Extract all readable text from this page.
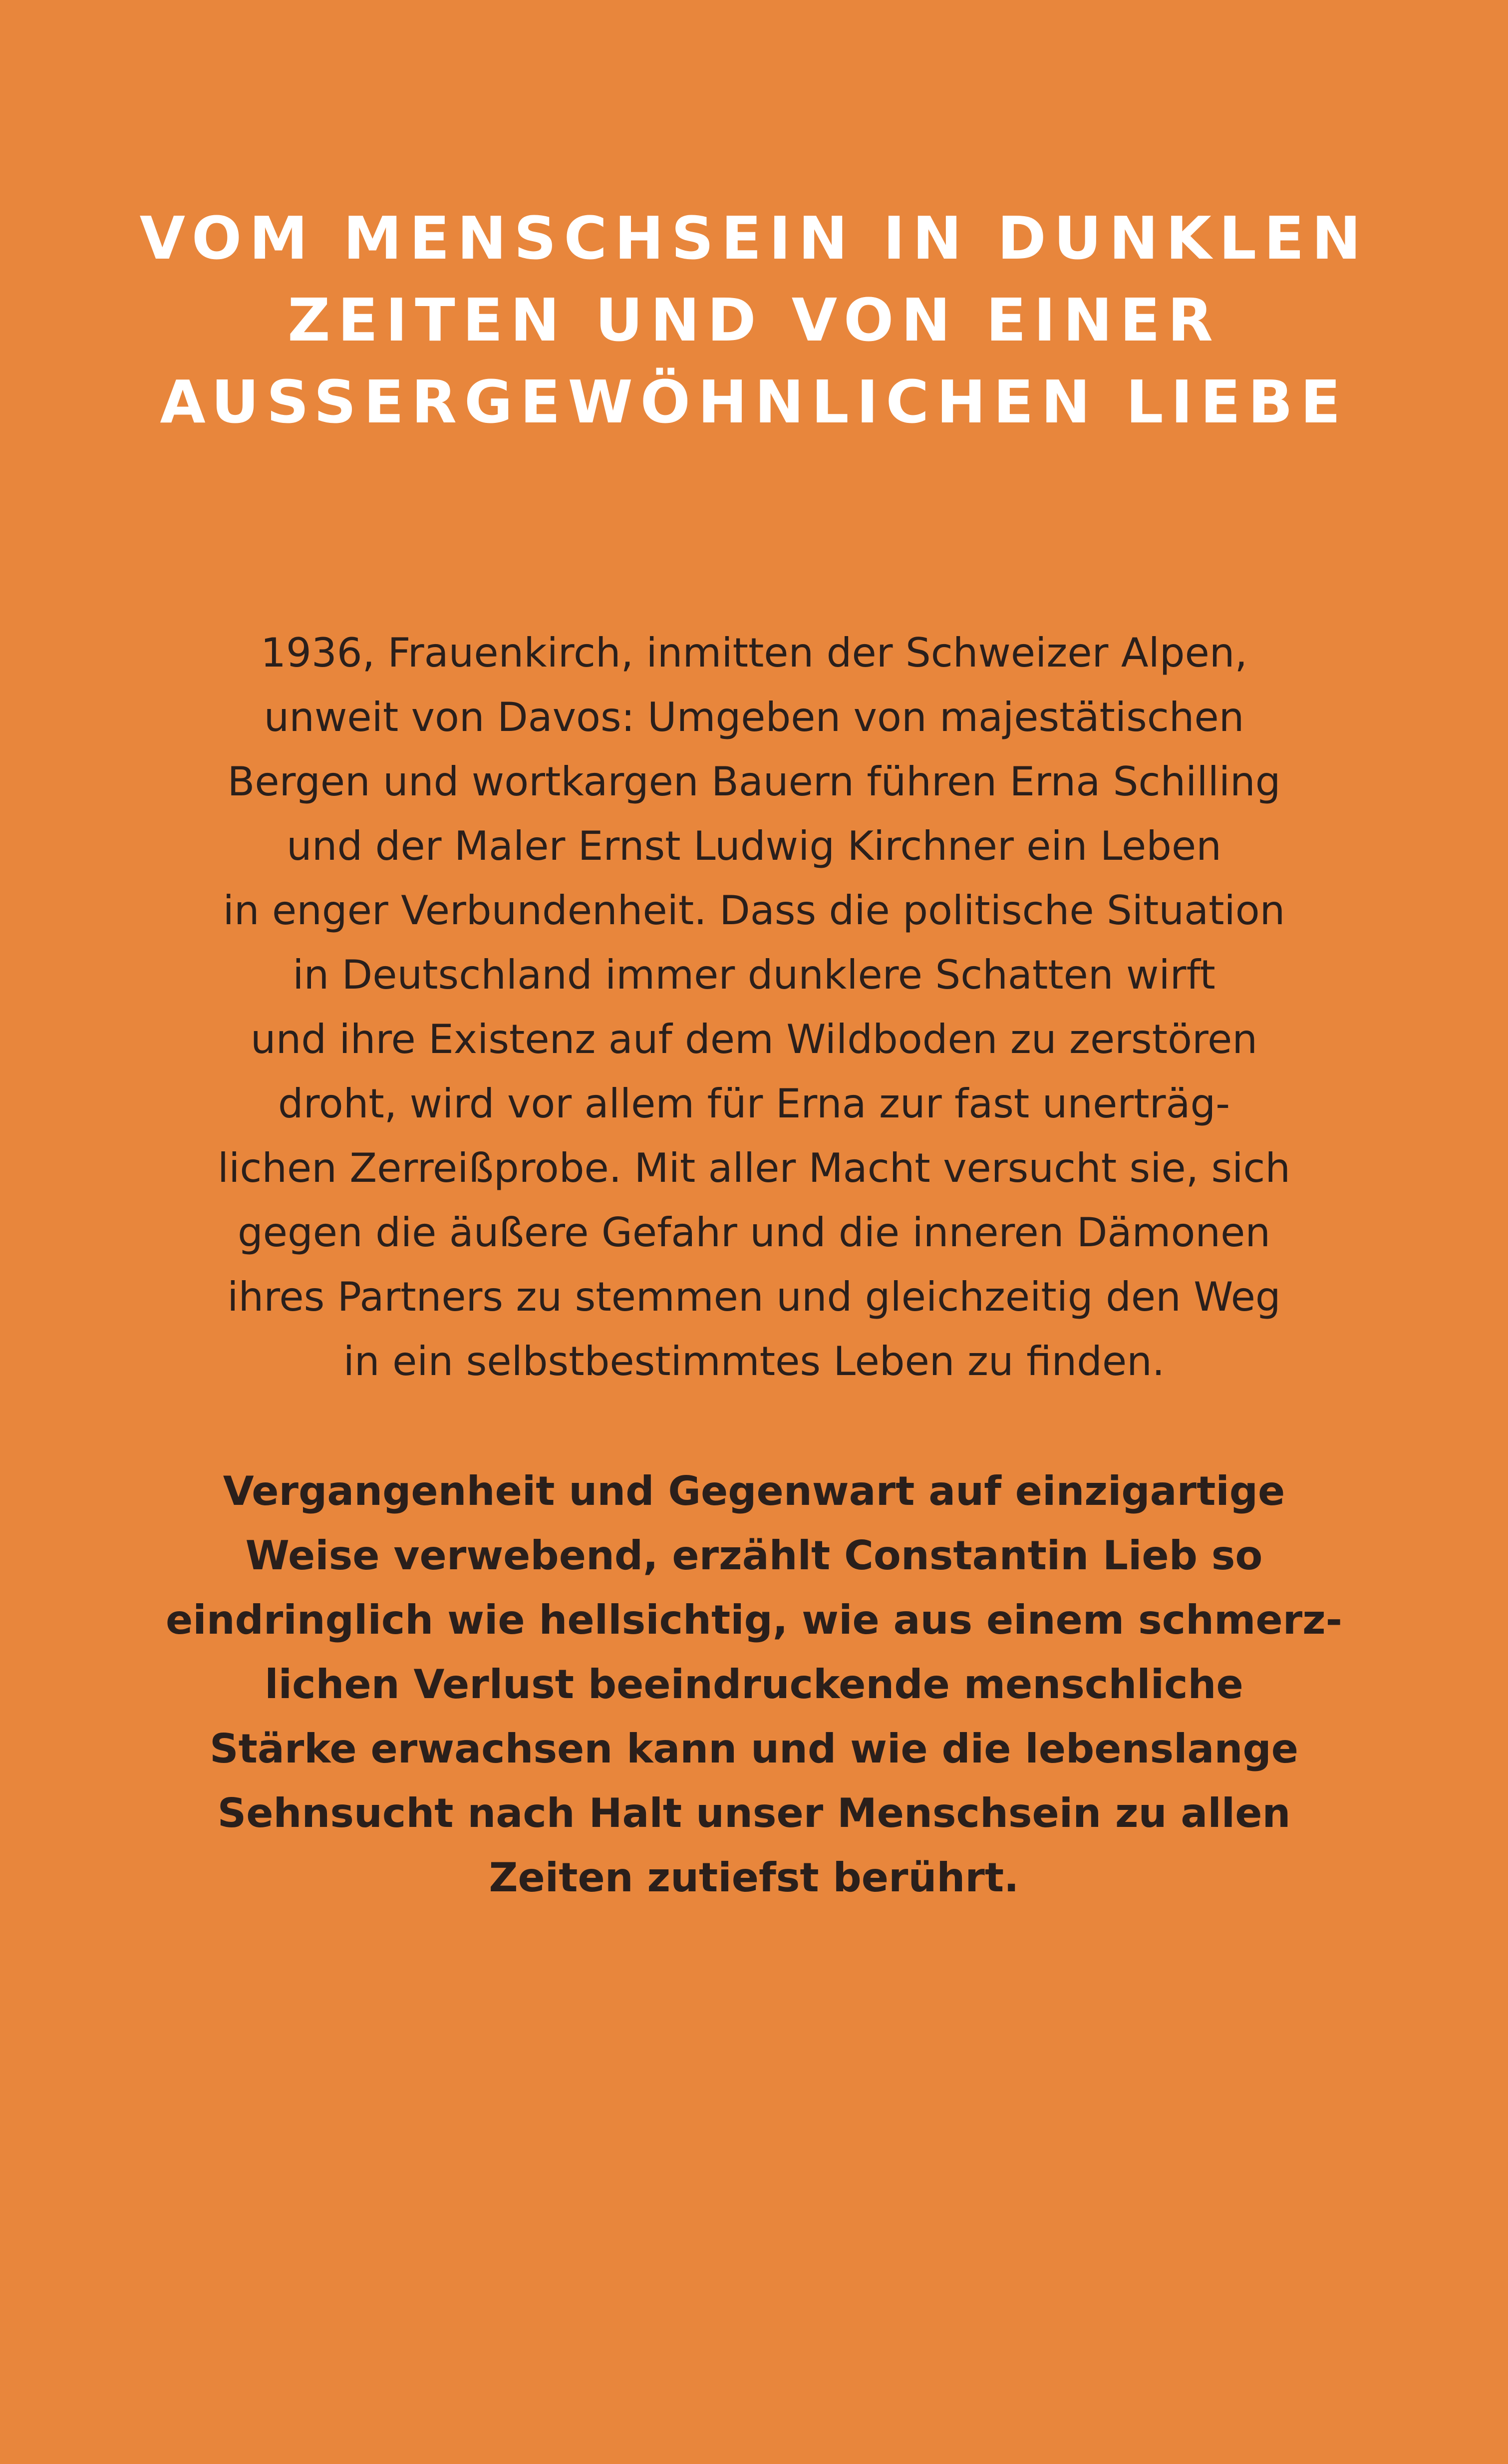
VOM MENSCHSEIN IN DUNKLEN
ZEITEN UND VON EINER
AUSSERGEWÖHNLICHEN LIEBE

1936, Frauenkirch, inmitten der Schweizer Alpen,
unweit von Davos: Umgeben von majestätischen
Bergen und wortkargen Bauern führen Erna Schilling
und der Maler Ernst Ludwig Kirchner ein Leben
in enger Verbundenheit. Dass die politische Situation
in Deutschland immer dunklere Schatten wirft
und ihre Existenz auf dem Wildboden zu zerstören
droht, wird vor allem für Erna zur fast unerträg-
lichen Zerreißprobe. Mit aller Macht versucht sie, sich
gegen die äußere Gefahr und die inneren Dämonen
ihres Partners zu stemmen und gleichzeitig den Weg
in ein selbstbestimmtes Leben zu finden.

Vergangenheit und Gegenwart auf einzigartige
Weise verwebend, erzählt Constantin Lieb so
eindringlich wie hellsichtig, wie aus einem schmerz-
lichen Verlust beeindruckende menschliche
Stärke erwachsen kann und wie die lebenslange
Sehnsucht nach Halt unser Menschsein zu allen
Zeiten zutiefst berührt.
